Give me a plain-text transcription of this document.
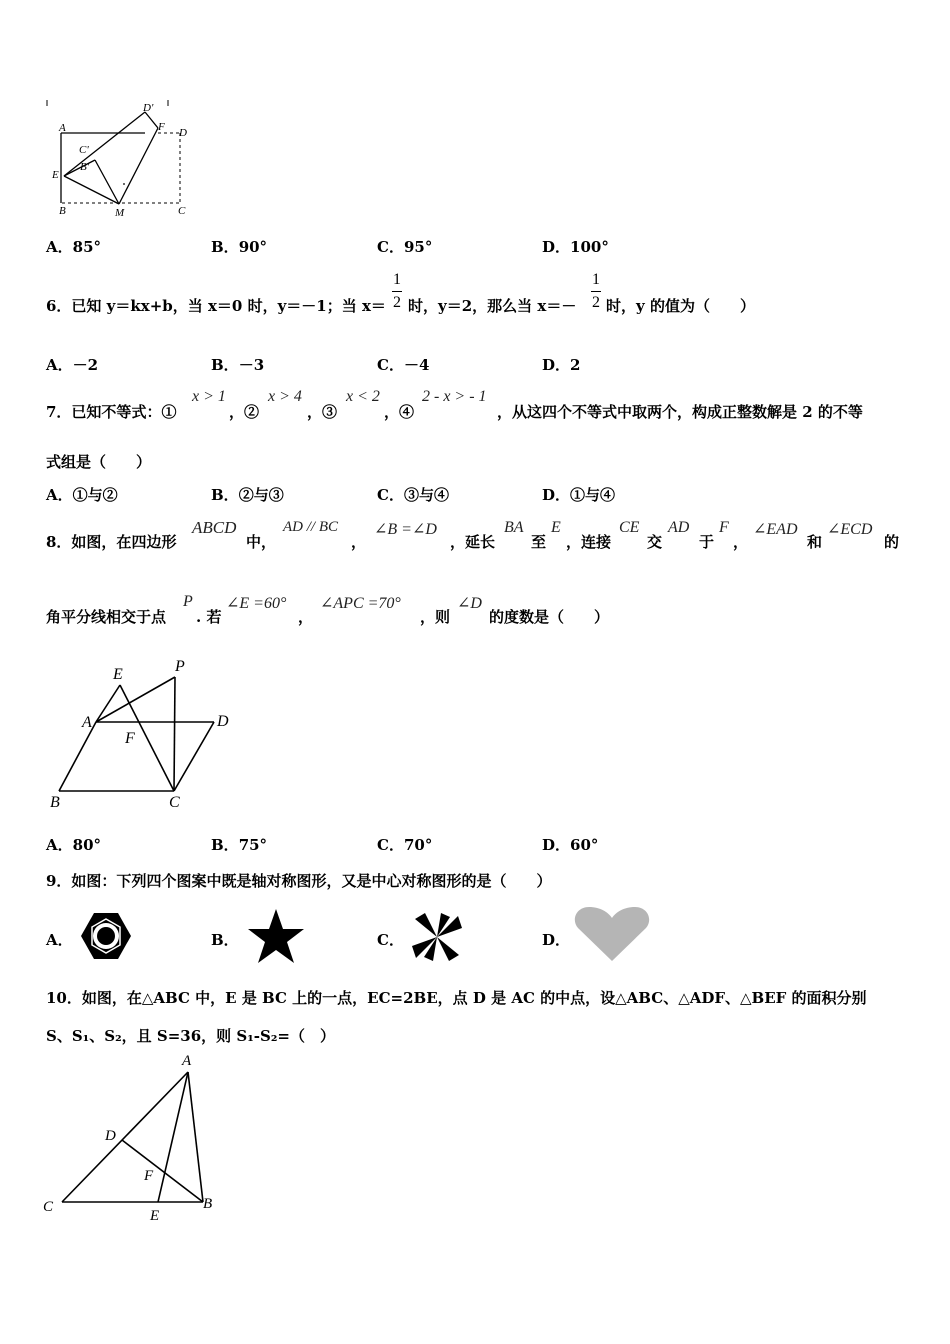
D'
A	F D
C'
B'
E
B	M	C
A．85°	B．90°	C．95°	D．100°
6．已知 y＝kx+b，当 x＝0 时，y＝－1；当 x＝
1
2 时，y＝2，那么当 x＝－
1
2 时，y 的值为（　　）
A．－2	B．－3	C．－4	D．2
7．已知不等式：①
x > 1
，②
x > 4
，③
x < 2
，④
2 - x > - 1
，从这四个不等式中取两个，构成正整数解是 2 的不等
式组是（　　）
A．①与②	B．②与③	C．③与④	D．①与④
8．如图，在四边形
ABCD
中，
AD // BC
，
∠B =∠D
，延长
BA
至
E
，连接
CE
交
AD
于
F
，
∠EAD
和
∠ECD
的
角平分线相交于点
P
. 若
∠E =60°
，
∠APC =70°
，则
∠D
的度数是（　　）
E	P
A	D
F
B	C
A．80°	B．75°	C．70°	D．60°
9．如图：下列四个图案中既是轴对称图形，又是中心对称图形的是（　　）
A．	B．	C．	D．
10．如图，在△ABC 中，E 是 BC 上的一点，EC=2BE，点 D 是 AC 的中点，设△ABC、△ADF、△BEF 的面积分别
S、S₁、S₂，且 S=36，则 S₁-S₂=（　）
A
D
F
C
E
B
